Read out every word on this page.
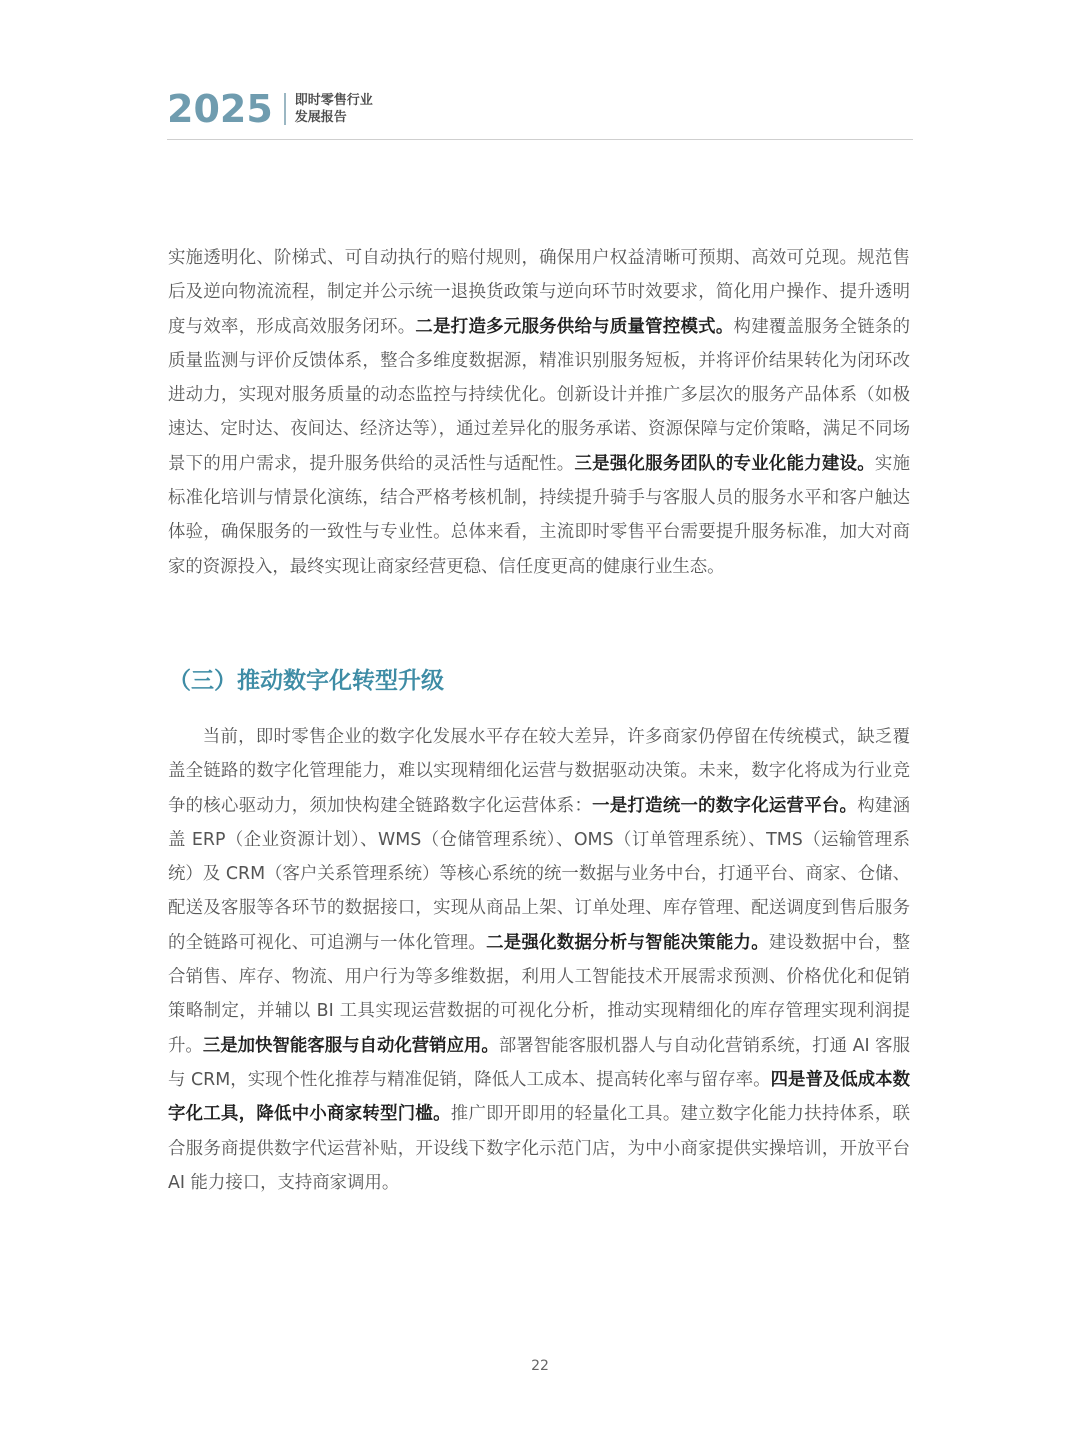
2025 即时零售行业
发展报告

实施透明化、阶梯式、可自动执行的赔付规则，确保用户权益清晰可预期、高效可兑现。规范售后及逆向物流流程，制定并公示统一退换货政策与逆向环节时效要求，简化用户操作、提升透明度与效率，形成高效服务闭环。二是打造多元服务供给与质量管控模式。构建覆盖服务全链条的质量监测与评价反馈体系，整合多维度数据源，精准识别服务短板，并将评价结果转化为闭环改进动力，实现对服务质量的动态监控与持续优化。创新设计并推广多层次的服务产品体系（如极速达、定时达、夜间达、经济达等），通过差异化的服务承诺、资源保障与定价策略，满足不同场景下的用户需求，提升服务供给的灵活性与适配性。三是强化服务团队的专业化能力建设。实施标准化培训与情景化演练，结合严格考核机制，持续提升骑手与客服人员的服务水平和客户触达体验，确保服务的一致性与专业性。总体来看，主流即时零售平台需要提升服务标准，加大对商家的资源投入，最终实现让商家经营更稳、信任度更高的健康行业生态。

（三）推动数字化转型升级

当前，即时零售企业的数字化发展水平存在较大差异，许多商家仍停留在传统模式，缺乏覆盖全链路的数字化管理能力，难以实现精细化运营与数据驱动决策。未来，数字化将成为行业竞争的核心驱动力，须加快构建全链路数字化运营体系：一是打造统一的数字化运营平台。构建涵盖 ERP（企业资源计划）、WMS（仓储管理系统）、OMS（订单管理系统）、TMS（运输管理系统）及 CRM（客户关系管理系统）等核心系统的统一数据与业务中台，打通平台、商家、仓储、配送及客服等各环节的数据接口，实现从商品上架、订单处理、库存管理、配送调度到售后服务的全链路可视化、可追溯与一体化管理。二是强化数据分析与智能决策能力。建设数据中台，整合销售、库存、物流、用户行为等多维数据，利用人工智能技术开展需求预测、价格优化和促销策略制定，并辅以 BI 工具实现运营数据的可视化分析，推动实现精细化的库存管理实现利润提升。三是加快智能客服与自动化营销应用。部署智能客服机器人与自动化营销系统，打通 AI 客服与 CRM，实现个性化推荐与精准促销，降低人工成本、提高转化率与留存率。四是普及低成本数字化工具，降低中小商家转型门槛。推广即开即用的轻量化工具。建立数字化能力扶持体系，联合服务商提供数字代运营补贴，开设线下数字化示范门店，为中小商家提供实操培训，开放平台 AI 能力接口，支持商家调用。

22
